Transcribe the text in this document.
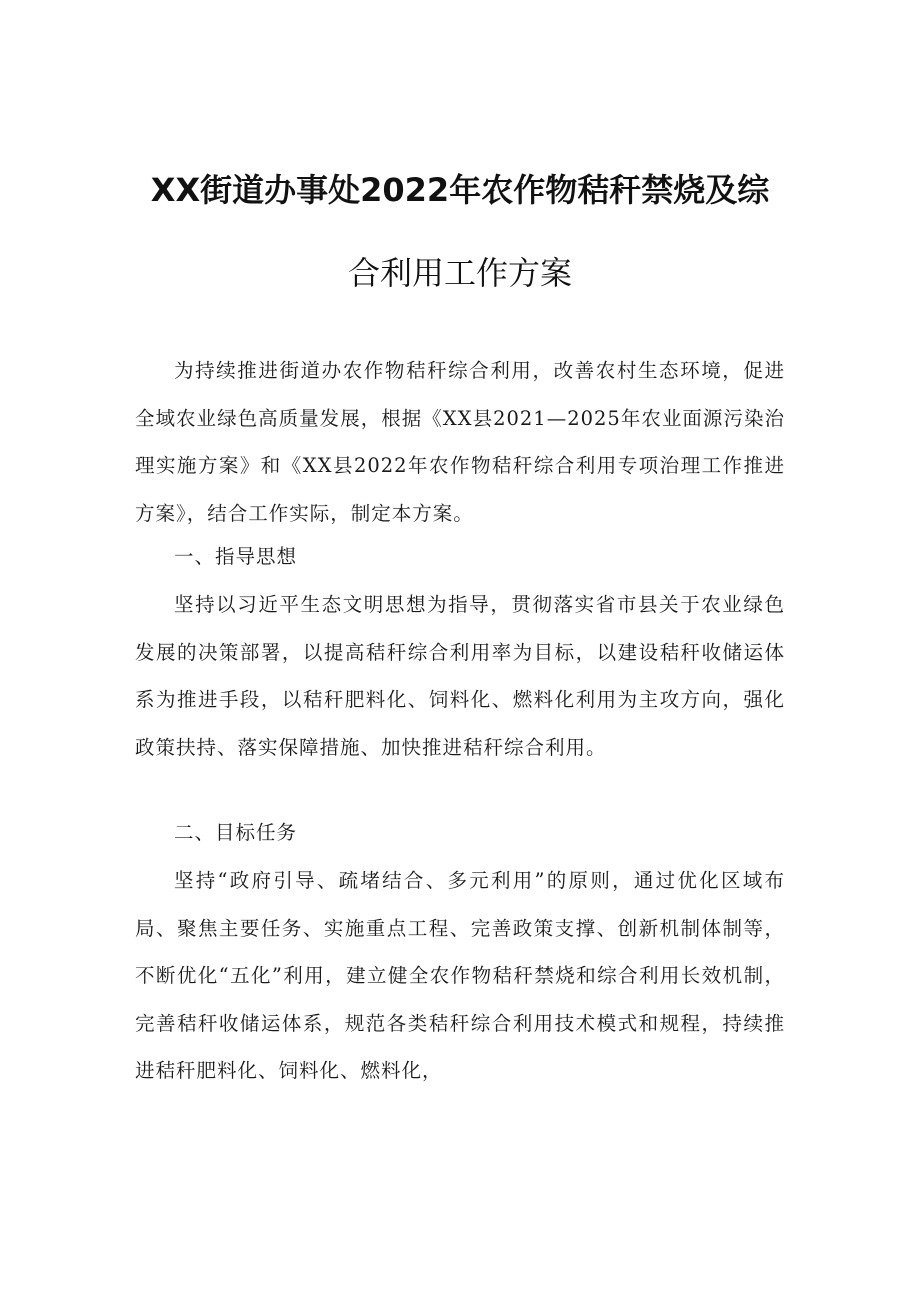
XX街道办事处2022年农作物秸秆禁烧及综
合利用工作方案

为持续推进街道办农作物秸秆综合利用，改善农村生态环境，促进全域农业绿色高质量发展，根据《XX县2021—2025年农业面源污染治理实施方案》和《XX县2022年农作物秸秆综合利用专项治理工作推进方案》，结合工作实际，制定本方案。

一、指导思想

坚持以习近平生态文明思想为指导，贯彻落实省市县关于农业绿色发展的决策部署，以提高秸秆综合利用率为目标，以建设秸秆收储运体系为推进手段，以秸秆肥料化、饲料化、燃料化利用为主攻方向，强化政策扶持、落实保障措施、加快推进秸秆综合利用。

二、目标任务

坚持“政府引导、疏堵结合、多元利用”的原则，通过优化区域布局、聚焦主要任务、实施重点工程、完善政策支撑、创新机制体制等，不断优化“五化”利用，建立健全农作物秸秆禁烧和综合利用长效机制，完善秸秆收储运体系，规范各类秸秆综合利用技术模式和规程，持续推进秸秆肥料化、饲料化、燃料化，
